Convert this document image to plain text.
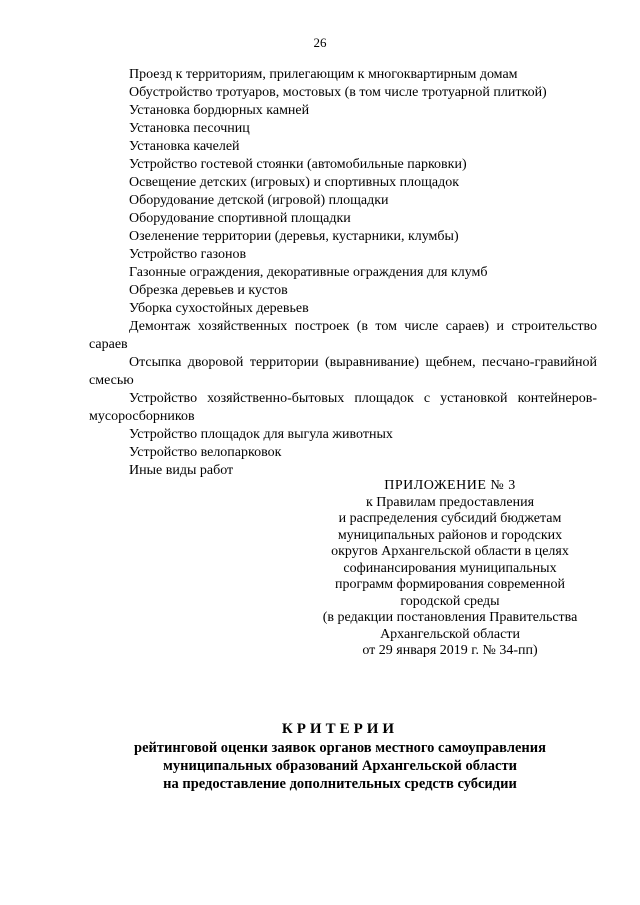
26
Проезд к территориям, прилегающим к многоквартирным домам
Обустройство тротуаров, мостовых (в том числе тротуарной плиткой)
Установка бордюрных камней
Установка песочниц
Установка качелей
Устройство гостевой стоянки (автомобильные парковки)
Освещение детских (игровых) и спортивных площадок
Оборудование детской (игровой) площадки
Оборудование спортивной площадки
Озеленение территории (деревья, кустарники, клумбы)
Устройство газонов
Газонные ограждения, декоративные ограждения для клумб
Обрезка деревьев и кустов
Уборка сухостойных деревьев
Демонтаж хозяйственных построек (в том числе сараев) и строительство сараев
Отсыпка дворовой территории (выравнивание) щебнем, песчано-гравийной смесью
Устройство хозяйственно-бытовых площадок с установкой контейнеров-мусоросборников
Устройство площадок для выгула животных
Устройство велопарковок
Иные виды работ
ПРИЛОЖЕНИЕ № 3
к Правилам предоставления
и распределения субсидий бюджетам
муниципальных районов и городских
округов Архангельской области в целях
софинансирования муниципальных
программ формирования современной
городской среды
(в редакции постановления Правительства
Архангельской области
от 29 января 2019 г. № 34-пп)
КРИТЕРИИ
рейтинговой оценки заявок органов местного самоуправления
муниципальных образований Архангельской области
на предоставление дополнительных средств субсидии
